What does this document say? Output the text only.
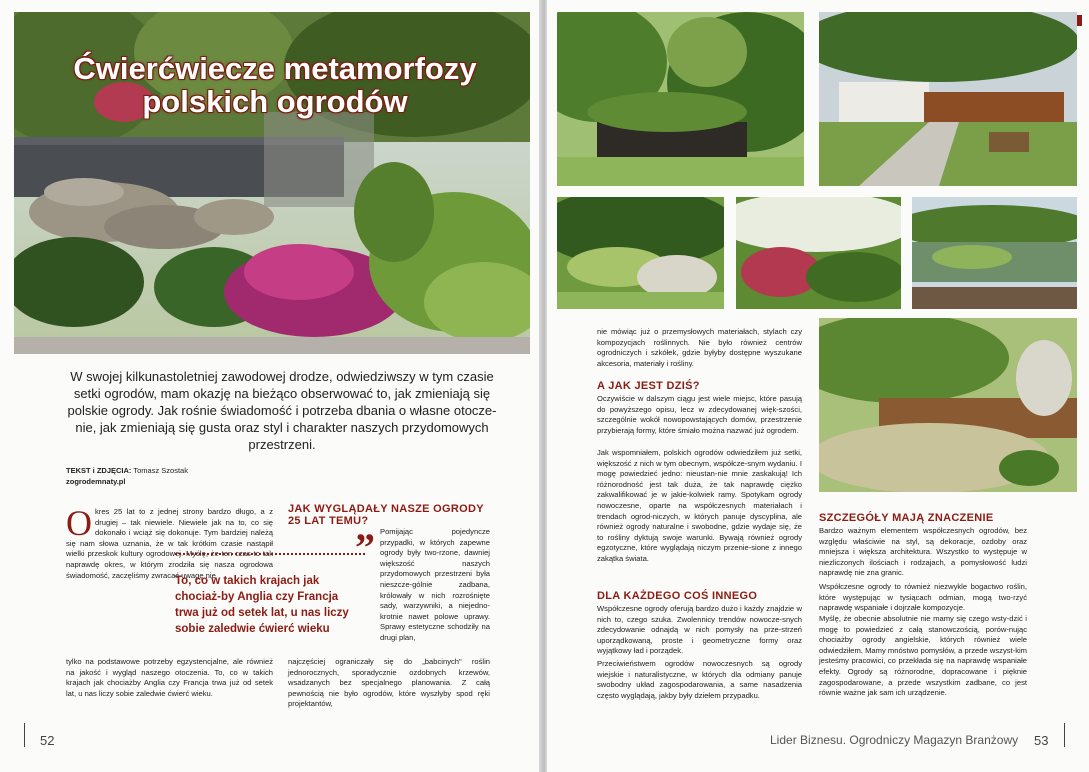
Ćwierćwiecze metamorfozy
polskich ogrodów
W swojej kilkunastoletniej zawodowej drodze, odwiedziwszy w tym czasie setki ogrodów, mam okazję na bieżąco obserwować to, jak zmieniają się polskie ogrody. Jak rośnie świadomość i potrzeba dbania o własne otocze-nie, jak zmieniają się gusta oraz styl i charakter naszych przydomowych przestrzeni.
TEKST i ZDJĘCIA: Tomasz Szostak
zogrodemnaty.pl
Okres 25 lat to z jednej strony bardzo długo, a z drugiej – tak niewiele. Niewiele jak na to, co się dokonało i wciąż się dokonuje. Tym bardziej należą się nam słowa uznania, że w tak krótkim czasie nastąpił wielki przeskok kultury ogrodowej. Myślę, że ten czas to tak naprawdę okres, w którym zrodziła się nasza ogrodowa świadomość, zaczęliśmy zwracać uwagę nie
tylko na podstawowe potrzeby egzystencjalne, ale również na jakość i wygląd naszego otoczenia. To, co w takich krajach jak chociażby Anglia czy Francja trwa już od setek lat, u nas liczy sobie zaledwie ćwierć wieku.
JAK WYGLĄDAŁY NASZE OGRODY 25 LAT TEMU?
Pomijając pojedyncze przypadki, w których zapewne ogrody były two-rzone, dawniej większość naszych przydomowych przestrzeni była nieszcze-gólnie zadbana, królowały w nich rozrośnięte sady, warzywniki, a niejedno-krotnie nawet polowe uprawy. Sprawy estetyczne schodziły na drugi plan,
najczęściej ograniczały się do „babcinych" roślin jednorocznych, sporadycznie ozdobnych krzewów, wsadzanych bez specjalnego planowania. Z całą pewnością nie było ogrodów, które wyszłyby spod ręki projektantów,
”
To, co w takich krajach jak chociaż-by Anglia czy Francja trwa już od setek lat, u nas liczy sobie zaledwie ćwierć wieku
52
nie mówiąc już o przemysłowych materiałach, stylach czy kompozycjach roślinnych. Nie było również centrów ogrodniczych i szkółek, gdzie byłyby dostępne wyszukane akcesoria, materiały i rośliny.
A JAK JEST DZIŚ?
Oczywiście w dalszym ciągu jest wiele miejsc, które pasują do powyższego opisu, lecz w zdecydowanej więk-szości, szczególnie wokół nowopowstających domów, przestrzenie przybierają formy, które śmiało można nazwać już ogrodem.
Jak wspomniałem, polskich ogrodów odwiedziłem już setki, większość z nich w tym obecnym, współcze-snym wydaniu. I mogę powiedzieć jedno: nieustan-nie mnie zaskakują! Ich różnorodność jest tak duża, że tak naprawdę ciężko zakwalifikować je w jakie-kolwiek ramy. Spotykam ogrody nowoczesne, oparte na współczesnych materiałach i trendach ogrod-niczych, w których panuje dyscyplina, ale również ogrody naturalne i swobodne, gdzie wydaje się, że to rośliny dyktują swoje warunki. Bywają również ogrody egzotyczne, które wyglądają niczym przenie-sione z innego zakątka świata.
DLA KAŻDEGO COŚ INNEGO
Współczesne ogrody oferują bardzo dużo i każdy znajdzie w nich to, czego szuka. Zwolennicy trendów nowocze-snych zdecydowanie odnajdą w nich pomysły na prze-strzeń uporządkowaną, proste i geometryczne formy oraz wyjątkowy ład i porządek.
Przeciwieństwem ogrodów nowoczesnych są ogrody wiejskie i naturalistyczne, w których dla odmiany panuje swobodny układ zagospodarowania, a same nasadzenia często wyglądają, jakby były dziełem przypadku.
SZCZEGÓŁY MAJĄ ZNACZENIE
Bardzo ważnym elementem współczesnych ogrodów, bez względu właściwie na styl, są dekoracje, ozdoby oraz mniejsza i większa architektura. Wszystko to występuje w niezliczonych ilościach i rodzajach, a pomysłowość ludzi naprawdę nie zna granic.
Współczesne ogrody to również niezwykle bogactwo roślin, które występując w tysiącach odmian, mogą two-rzyć naprawdę wspaniałe i dojrzałe kompozycje.
Myślę, że obecnie absolutnie nie mamy się czego wsty-dzić i mogę to powiedzieć z całą stanowczością, porów-nując chociażby ogrody angielskie, których również wiele odwiedziłem. Mamy mnóstwo pomysłów, a przede wszyst-kim jesteśmy pracowici, co przekłada się na naprawdę wspaniałe efekty. Ogrody są różnorodne, dopracowane i pięknie zagospodarowane, a przede wszystkim zadbane, co jest równie ważne jak sam ich urządzenie.
Lider Biznesu. Ogrodniczy Magazyn Branżowy 53
